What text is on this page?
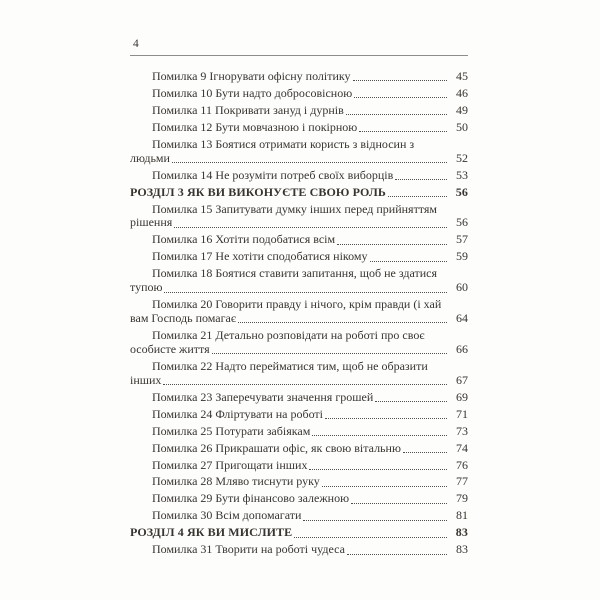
4
Помилка 9 Ігнорувати офісну політику	45
Помилка 10 Бути надто добросовісною	46
Помилка 11 Покривати зануд і дурнів	49
Помилка 12 Бути мовчазною і покірною	50
Помилка 13 Боятися отримати користь з відносин з
людьми	52
Помилка 14 Не розуміти потреб своїх виборців	53
РОЗДІЛ 3 ЯК ВИ ВИКОНУЄТЕ СВОЮ РОЛЬ	56
Помилка 15 Запитувати думку інших перед прийняттям
рішення	56
Помилка 16 Хотіти подобатися всім	57
Помилка 17 Не хотіти сподобатися нікому	59
Помилка 18 Боятися ставити запитання, щоб не здатися
тупою	60
Помилка 20 Говорити правду і нічого, крім правди (і хай
вам Господь помагає	64
Помилка 21 Детально розповідати на роботі про своє
особисте життя	66
Помилка 22 Надто перейматися тим, щоб не образити
інших	67
Помилка 23 Заперечувати значення грошей	69
Помилка 24 Фліртувати на роботі	71
Помилка 25 Потурати забіякам	73
Помилка 26 Прикрашати офіс, як свою вітальню	74
Помилка 27 Пригощати інших	76
Помилка 28 Мляво тиснути руку	77
Помилка 29 Бути фінансово залежною	79
Помилка 30 Всім допомагати	81
РОЗДІЛ 4 ЯК ВИ МИСЛИТЕ	83
Помилка 31 Творити на роботі чудеса	83
